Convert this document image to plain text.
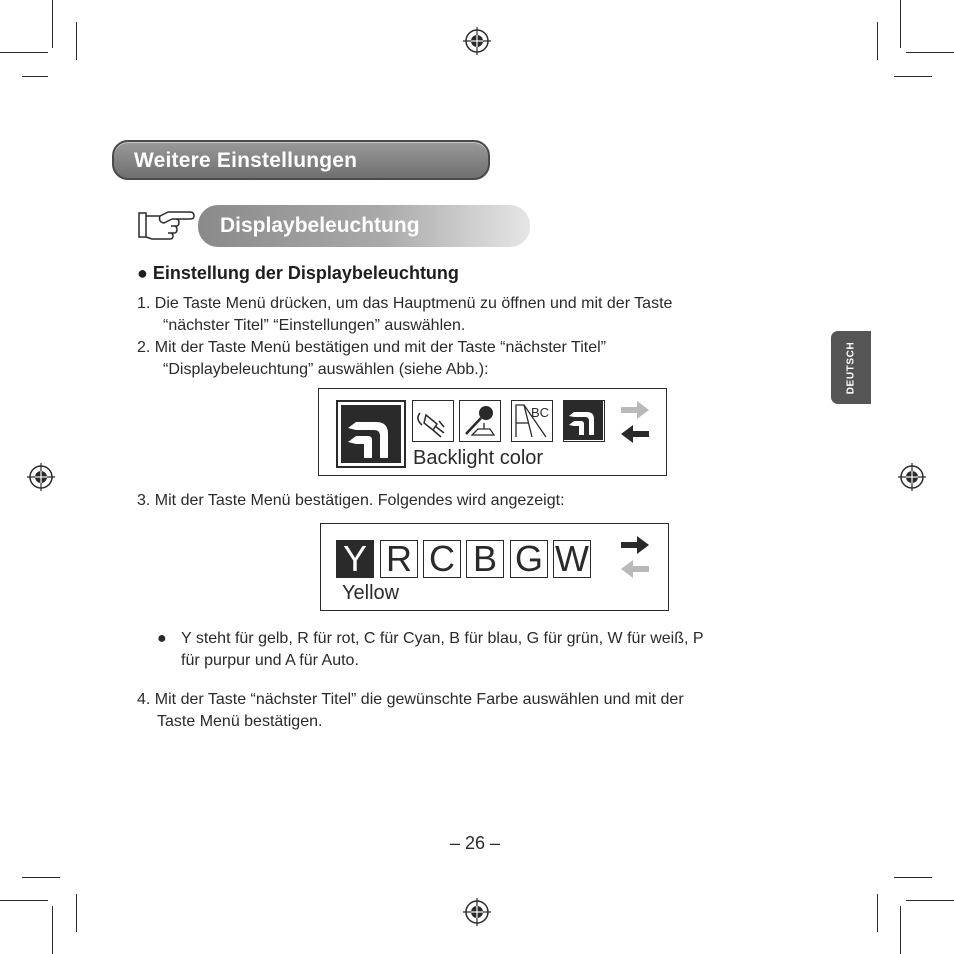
Weitere Einstellungen
Displaybeleuchtung
DEUTSCH
● Einstellung der Displaybeleuchtung
1. Die Taste Menü drücken, um das Hauptmenü zu öffnen und mit der Taste
“nächster Titel” “Einstellungen” auswählen.
2. Mit der Taste Menü bestätigen und mit der Taste “nächster Titel”
“Displaybeleuchtung” auswählen (siehe Abb.):
BC
Backlight color
3. Mit der Taste Menü bestätigen. Folgendes wird angezeigt:
Y R C B G W
Yellow
● Y steht für gelb, R für rot, C für Cyan, B für blau, G für grün, W für weiß, P
für purpur und A für Auto.
4. Mit der Taste “nächster Titel” die gewünschte Farbe auswählen und mit der
Taste Menü bestätigen.
– 26 –
